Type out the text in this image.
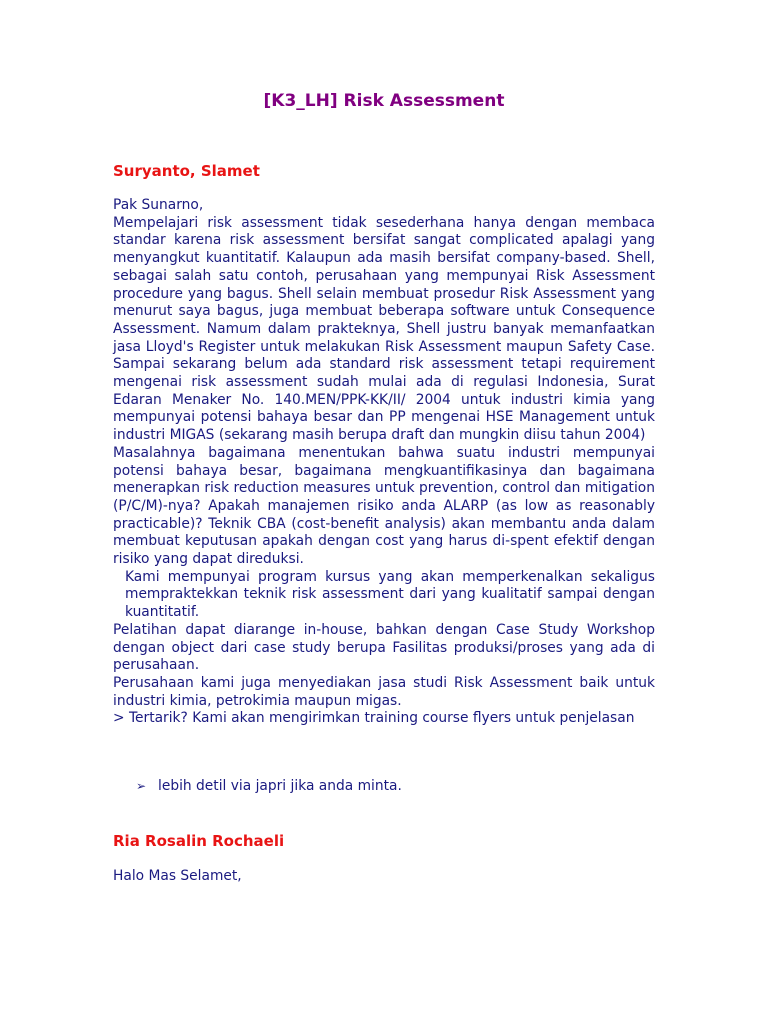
[K3_LH] Risk Assessment
Suryanto, Slamet

Pak Sunarno,

Mempelajari risk assessment tidak sesederhana hanya dengan membaca standar karena risk assessment bersifat sangat complicated apalagi yang menyangkut kuantitatif. Kalaupun ada masih bersifat company-based. Shell, sebagai salah satu contoh, perusahaan yang mempunyai Risk Assessment procedure yang bagus. Shell selain membuat prosedur Risk Assessment yang menurut saya bagus, juga membuat beberapa software untuk Consequence Assessment. Namum dalam prakteknya, Shell justru banyak memanfaatkan jasa Lloyd's Register untuk melakukan Risk Assessment maupun Safety Case. Sampai sekarang belum ada standard risk assessment tetapi requirement mengenai risk assessment sudah mulai ada di regulasi Indonesia, Surat Edaran Menaker No. 140.MEN/PPK-KK/II/ 2004 untuk industri kimia yang mempunyai potensi bahaya besar dan PP mengenai HSE Management untuk industri MIGAS (sekarang masih berupa draft dan mungkin diisu tahun 2004)

Masalahnya bagaimana menentukan bahwa suatu industri mempunyai potensi bahaya besar, bagaimana mengkuantifikasinya dan bagaimana menerapkan risk reduction measures untuk prevention, control dan mitigation (P/C/M)-nya? Apakah manajemen risiko anda ALARP (as low as reasonably practicable)? Teknik CBA (cost-benefit analysis) akan membantu anda dalam membuat keputusan apakah dengan cost yang harus di-spent efektif dengan risiko yang dapat direduksi.

Kami mempunyai program kursus yang akan memperkenalkan sekaligus mempraktekkan teknik risk assessment dari yang kualitatif sampai dengan kuantitatif.

Pelatihan dapat diarange in-house, bahkan dengan Case Study Workshop dengan object dari case study berupa Fasilitas produksi/proses yang ada di perusahaan.

Perusahaan kami juga menyediakan jasa studi Risk Assessment baik untuk industri kimia, petrokimia maupun migas.

> Tertarik? Kami akan mengirimkan training course flyers untuk penjelasan

➢ lebih detil via japri jika anda minta.

Ria Rosalin Rochaeli

Halo Mas Selamet,
